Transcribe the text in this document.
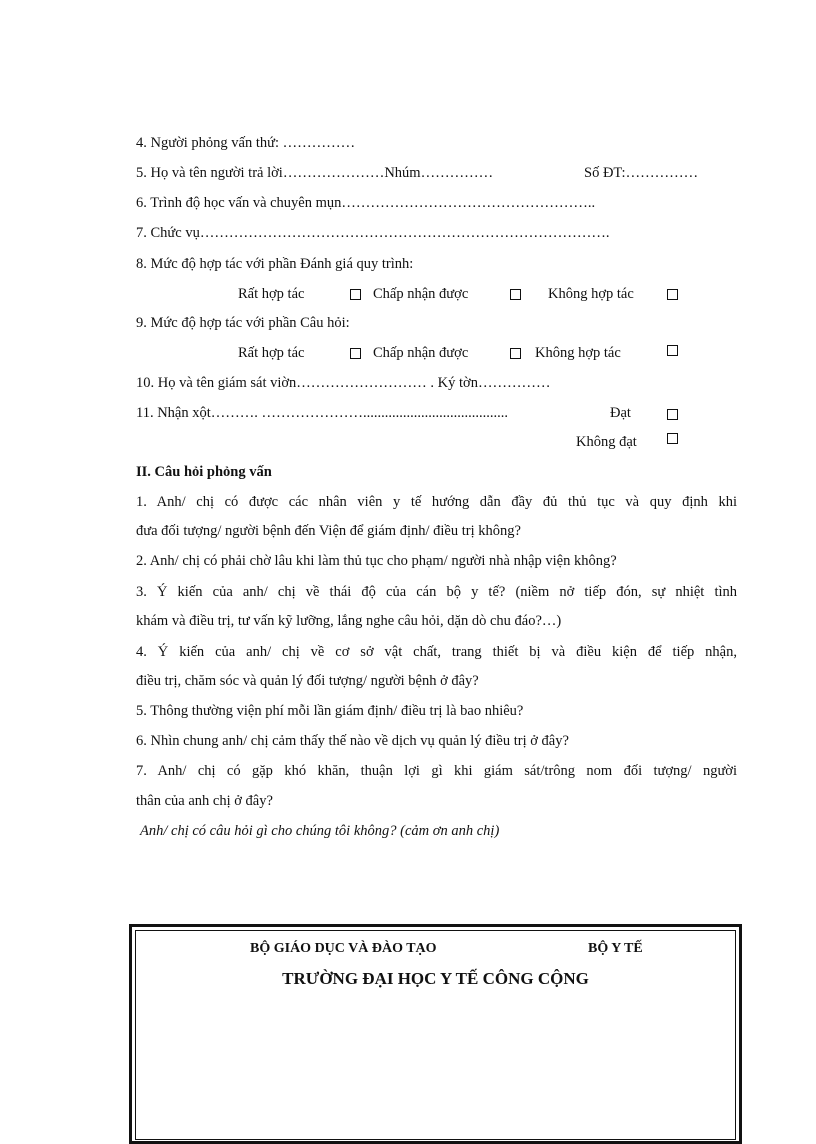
4. Người phỏng vấn thứ: ……………
5. Họ và tên người trả lời…………………Nhúm……………	Số ĐT:……………
6. Trình độ học vấn và chuyên mụn……………………………………………..
7. Chức vụ………………………………………………………………………….
8. Mức độ hợp tác với phần Đánh giá quy trình:
Rất hợp tác	Chấp nhận được	Không hợp tác
9. Mức độ hợp tác với phần Câu hỏi:
Rất hợp tác	Chấp nhận được	Không hợp tác
10. Họ và tên giám sát viờn……………………… . Ký tờn……………
11. Nhận xột………. …………………........................................	Đạt
Không đạt
II. Câu hỏi phỏng vấn
1. Anh/ chị có được các nhân viên y tế hướng dẫn đầy đủ thủ tục và quy định khi
đưa đối tượng/ người bệnh đến Viện để giám định/ điều trị không?
2. Anh/ chị có phải chờ lâu khi làm thủ tục cho phạm/ người nhà nhập viện không?
3. Ý kiến của anh/ chị về thái độ của cán bộ y tế? (niềm nở tiếp đón, sự nhiệt tình
khám và điều trị, tư vấn kỹ lưỡng, lắng nghe câu hỏi, dặn dò chu đáo?…)
4. Ý kiến của anh/ chị về cơ sở vật chất, trang thiết bị và điều kiện để tiếp nhận,
điều trị, chăm sóc và quản lý đối tượng/ người bệnh ở đây?
5. Thông thường viện phí mỗi lần giám định/ điều trị là bao nhiêu?
6. Nhìn chung anh/ chị cảm thấy thế nào về dịch vụ quản lý điều trị ở đây?
7. Anh/ chị có gặp khó khăn, thuận lợi gì khi giám sát/trông nom đối tượng/ người
thân của anh chị ở đây?
Anh/ chị có câu hỏi gì cho chúng tôi không? (cảm ơn anh chị)
BỘ GIÁO DỤC VÀ ĐÀO TẠO	BỘ Y TẾ
TRƯỜNG ĐẠI HỌC Y TẾ CÔNG CỘNG
